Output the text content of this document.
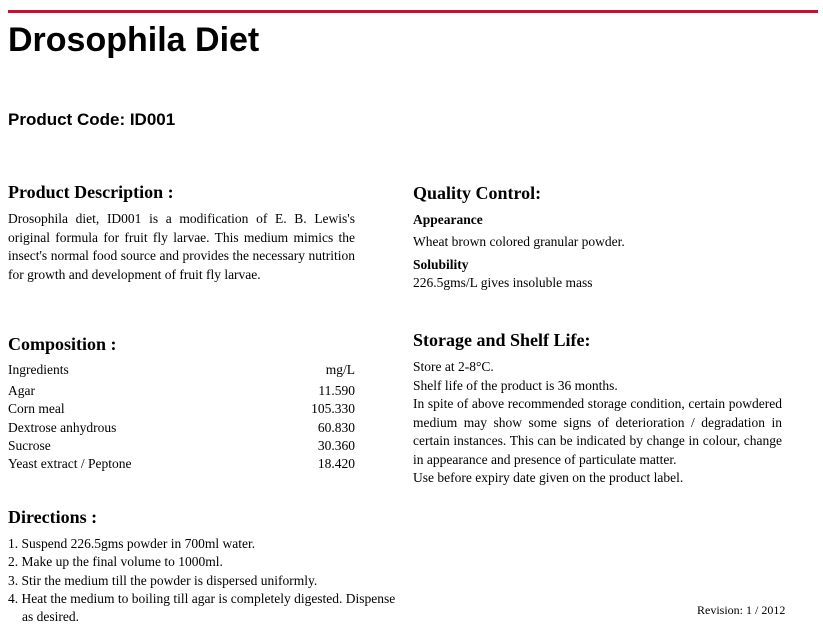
Drosophila Diet
Product Code: ID001
Product Description :

Drosophila diet, ID001 is a modification of E. B. Lewis's original formula for fruit fly larvae. This medium mimics the insect's normal food source and provides the necessary nutrition for growth and development of fruit fly larvae.

Composition :
Ingredients	mg/L
Agar	11.590
Corn meal	105.330
Dextrose anhydrous	60.830
Sucrose	30.360
Yeast extract / Peptone	18.420
Directions :
1. Suspend 226.5gms powder in 700ml water.
2. Make up the final volume to 1000ml.
3. Stir the medium till the powder is dispersed uniformly.
4. Heat the medium to boiling till agar is completely digested. Dispense as desired.
Quality Control:
Appearance
Wheat brown colored granular powder.
Solubility
226.5gms/L gives insoluble mass
Storage and Shelf Life:

Store at 2-8°C.

Shelf life of the product is 36 months.

In spite of above recommended storage condition, certain powdered medium may show some signs of deterioration / degradation in certain instances. This can be indicated by change in colour, change in appearance and presence of particulate matter.

Use before expiry date given on the product label.

Revision: 1 / 2012
